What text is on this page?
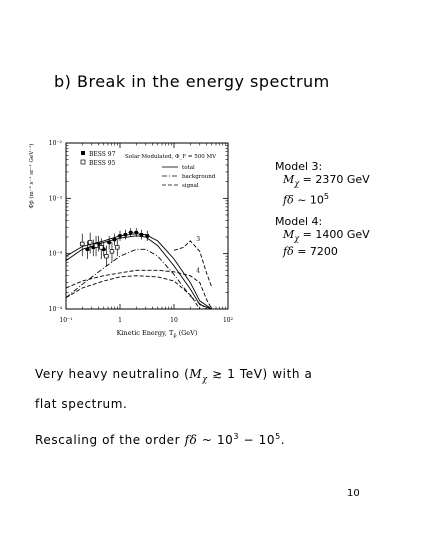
b) Break in the energy spectrum
10⁻¹	1	10	10²
10⁻²
10⁻³
10⁻⁴
10⁻⁴
Kinetic Energy, $T_{p̄}$ (GeV)
Φp̄ (m⁻² s⁻¹ sr⁻¹ GeV⁻¹)	BESS 97
BESS 95
Solar Modulated, Φ_F = 500 MV
total
background
signal
3
4
Model 3:
$M_\chi = 2370$ GeV
fδ ~ $10^5$
Model 4:
$M_\chi = 1400$ GeV
fδ = 7200
Very heavy neutralino ($M_\chi$ ≳ 1 TeV) with a
flat spectrum.
Rescaling of the order fδ ~ $10^3 - 10^5$.
10
